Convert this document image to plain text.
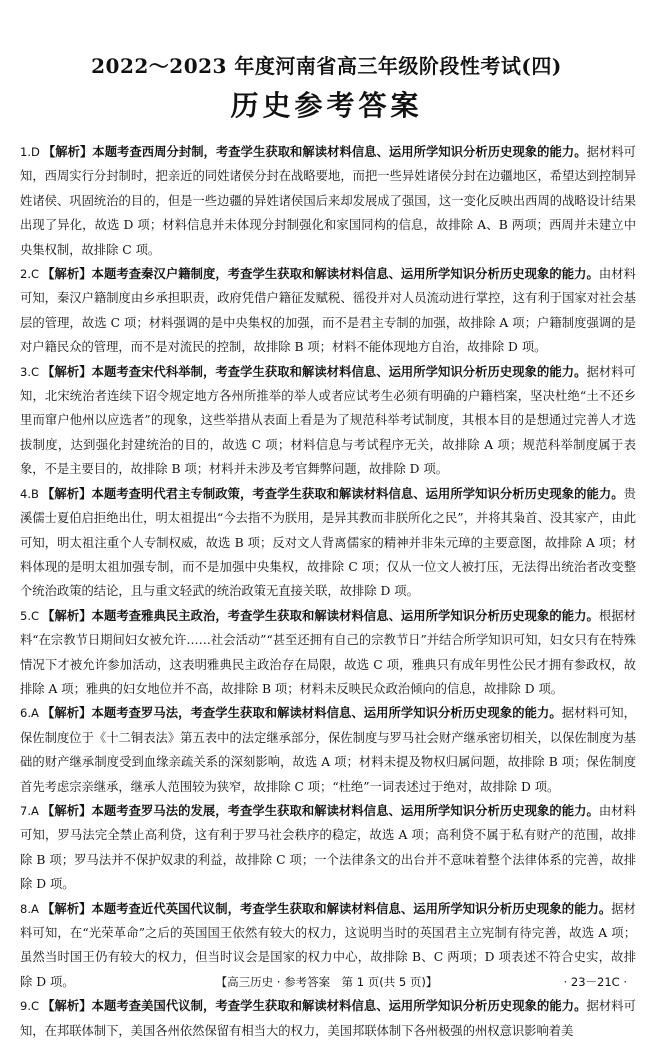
2022～2023 年度河南省高三年级阶段性考试(四)
历史参考答案

1.D 【解析】本题考查西周分封制，考查学生获取和解读材料信息、运用所学知识分析历史现象的能力。据材料可知，西周实行分封制时，把亲近的同姓诸侯分封在战略要地，而把一些异姓诸侯分封在边疆地区，希望达到控制异姓诸侯、巩固统治的目的，但是一些边疆的异姓诸侯国后来却发展成了强国，这一变化反映出西周的战略设计结果出现了异化，故选 D 项；材料信息并未体现分封制强化和家国同构的信息，故排除 A、B 两项；西周并未建立中央集权制，故排除 C 项。

2.C 【解析】本题考查秦汉户籍制度，考查学生获取和解读材料信息、运用所学知识分析历史现象的能力。由材料可知，秦汉户籍制度由乡承担职责，政府凭借户籍征发赋税、徭役并对人员流动进行掌控，这有利于国家对社会基层的管理，故选 C 项；材料强调的是中央集权的加强，而不是君主专制的加强，故排除 A 项；户籍制度强调的是对户籍民众的管理，而不是对流民的控制，故排除 B 项；材料不能体现地方自治，故排除 D 项。

3.C 【解析】本题考查宋代科举制，考查学生获取和解读材料信息、运用所学知识分析历史现象的能力。据材料可知，北宋统治者连续下诏令规定地方各州所推举的举人或者应试考生必须有明确的户籍档案，坚决杜绝“土不还乡里而窜户他州以应选者”的现象，这些举措从表面上看是为了规范科举考试制度，其根本目的是想通过完善人才选拔制度，达到强化封建统治的目的，故选 C 项；材料信息与考试程序无关，故排除 A 项；规范科举制度属于表象，不是主要目的，故排除 B 项；材料并未涉及考官舞弊问题，故排除 D 项。

4.B 【解析】本题考查明代君主专制政策，考查学生获取和解读材料信息、运用所学知识分析历史现象的能力。贵溪儒士夏伯启拒绝出仕，明太祖提出“今去指不为朕用，是异其教而非朕所化之民”，并将其枭首、没其家产，由此可知，明太祖注重个人专制权威，故选 B 项；反对文人背离儒家的精神并非朱元璋的主要意图，故排除 A 项；材料体现的是明太祖加强专制，而不是加强中央集权，故排除 C 项；仅从一位文人被打压，无法得出统治者改变整个统治政策的结论，且与重文轻武的统治政策无直接关联，故排除 D 项。

5.C 【解析】本题考查雅典民主政治，考查学生获取和解读材料信息、运用所学知识分析历史现象的能力。根据材料“在宗教节日期间妇女被允许……社会活动”“甚至还拥有自己的宗教节日”并结合所学知识可知，妇女只有在特殊情况下才被允许参加活动，这表明雅典民主政治存在局限，故选 C 项，雅典只有成年男性公民才拥有参政权，故排除 A 项；雅典的妇女地位并不高，故排除 B 项；材料未反映民众政治倾向的信息，故排除 D 项。

6.A 【解析】本题考查罗马法，考查学生获取和解读材料信息、运用所学知识分析历史现象的能力。据材料可知，保佐制度位于《十二铜表法》第五表中的法定继承部分，保佐制度与罗马社会财产继承密切相关，以保佐制度为基础的财产继承制度受到血缘亲疏关系的深刻影响，故选 A 项；材料未提及物权归属问题，故排除 B 项；保佐制度首先考虑宗亲继承，继承人范围较为狭窄，故排除 C 项；“杜绝”一词表述过于绝对，故排除 D 项。

7.A 【解析】本题考查罗马法的发展，考查学生获取和解读材料信息、运用所学知识分析历史现象的能力。由材料可知，罗马法完全禁止高利贷，这有利于罗马社会秩序的稳定，故选 A 项；高利贷不属于私有财产的范围，故排除 B 项；罗马法并不保护奴隶的利益，故排除 C 项；一个法律条文的出台并不意味着整个法律体系的完善，故排除 D 项。

8.A 【解析】本题考查近代英国代议制，考查学生获取和解读材料信息、运用所学知识分析历史现象的能力。据材料可知，在“光荣革命”之后的英国国王依然有较大的权力，这说明当时的英国君主立宪制有待完善，故选 A 项；虽然当时国王仍有较大的权力，但当时议会是国家的权力中心，故排除 B、C 两项；D 项表述不符合史实，故排除 D 项。

9.C 【解析】本题考查美国代议制，考查学生获取和解读材料信息、运用所学知识分析历史现象的能力。据材料可知，在邦联体制下，美国各州依然保留有相当大的权力，美国邦联体制下各州极强的州权意识影响着美

【高三历史 · 参考答案　第 1 页(共 5 页)】	· 23－21C ·
